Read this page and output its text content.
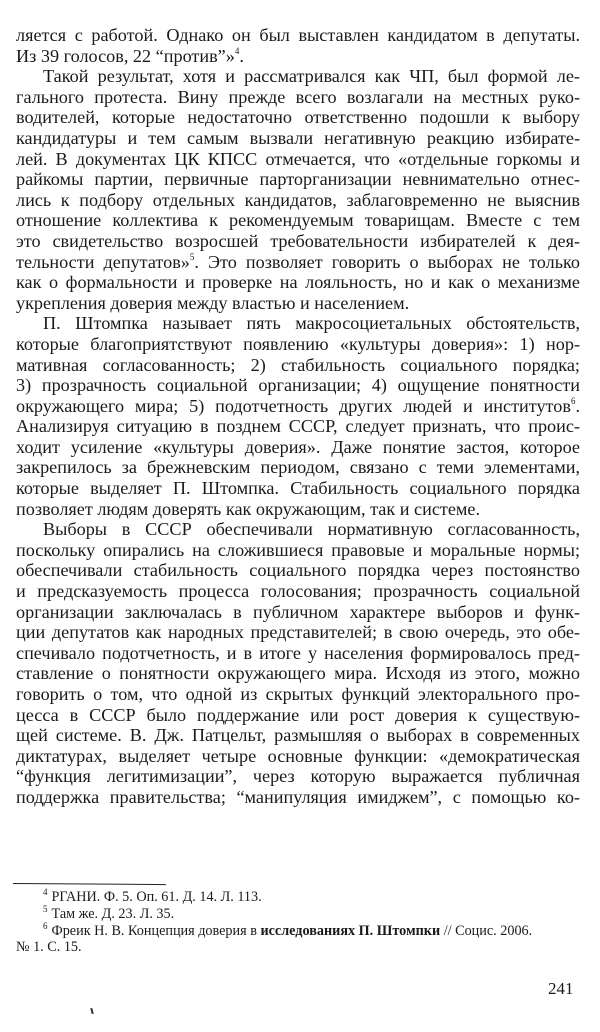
ляется с работой. Однако он был выставлен кандидатом в депутаты.
Из 39 голосов, 22 “против”»$^4$.
Такой результат, хотя и рассматривался как ЧП, был формой ле-
гального протеста. Вину прежде всего возлагали на местных руко-
водителей, которые недостаточно ответственно подошли к выбору
кандидатуры и тем самым вызвали негативную реакцию избирате-
лей. В документах ЦК КПСС отмечается, что «отдельные горкомы и
райкомы партии, первичные парторганизации невнимательно отнес-
лись к подбору отдельных кандидатов, заблаговременно не выяснив
отношение коллектива к рекомендуемым товарищам. Вместе с тем
это свидетельство возросшей требовательности избирателей к дея-
тельности депутатов»$^5$. Это позволяет говорить о выборах не только
как о формальности и проверке на лояльность, но и как о механизме
укрепления доверия между властью и населением.
П. Штомпка называет пять макросоциетальных обстоятельств,
которые благоприятствуют появлению «культуры доверия»: 1) нор-
мативная согласованность; 2) стабильность социального порядка;
3) прозрачность социальной организации; 4) ощущение понятности
окружающего мира; 5) подотчетность других людей и институтов$^6$.
Анализируя ситуацию в позднем СССР, следует признать, что проис-
ходит усиление «культуры доверия». Даже понятие застоя, которое
закрепилось за брежневским периодом, связано с теми элементами,
которые выделяет П. Штомпка. Стабильность социального порядка
позволяет людям доверять как окружающим, так и системе.
Выборы в СССР обеспечивали нормативную согласованность,
поскольку опирались на сложившиеся правовые и моральные нормы;
обеспечивали стабильность социального порядка через постоянство
и предсказуемость процесса голосования; прозрачность социальной
организации заключалась в публичном характере выборов и функ-
ции депутатов как народных представителей; в свою очередь, это обе-
спечивало подотчетность, и в итоге у населения формировалось пред-
ставление о понятности окружающего мира. Исходя из этого, можно
говорить о том, что одной из скрытых функций электорального про-
цесса в СССР было поддержание или рост доверия к существую-
щей системе. В. Дж. Патцельт, размышляя о выборах в современных
диктатурах, выделяет четыре основные функции: «демократическая
“функция легитимизации”, через которую выражается публичная
поддержка правительства; “манипуляция имиджем”, с помощью ко-
$^4$ РГАНИ. Ф. 5. Оп. 61. Д. 14. Л. 113.
$^5$ Там же. Д. 23. Л. 35.
$^6$ Фреик Н. В. Концепция доверия в исследованиях П. Штомпки // Социс. 2006.
№ 1. С. 15.
241
